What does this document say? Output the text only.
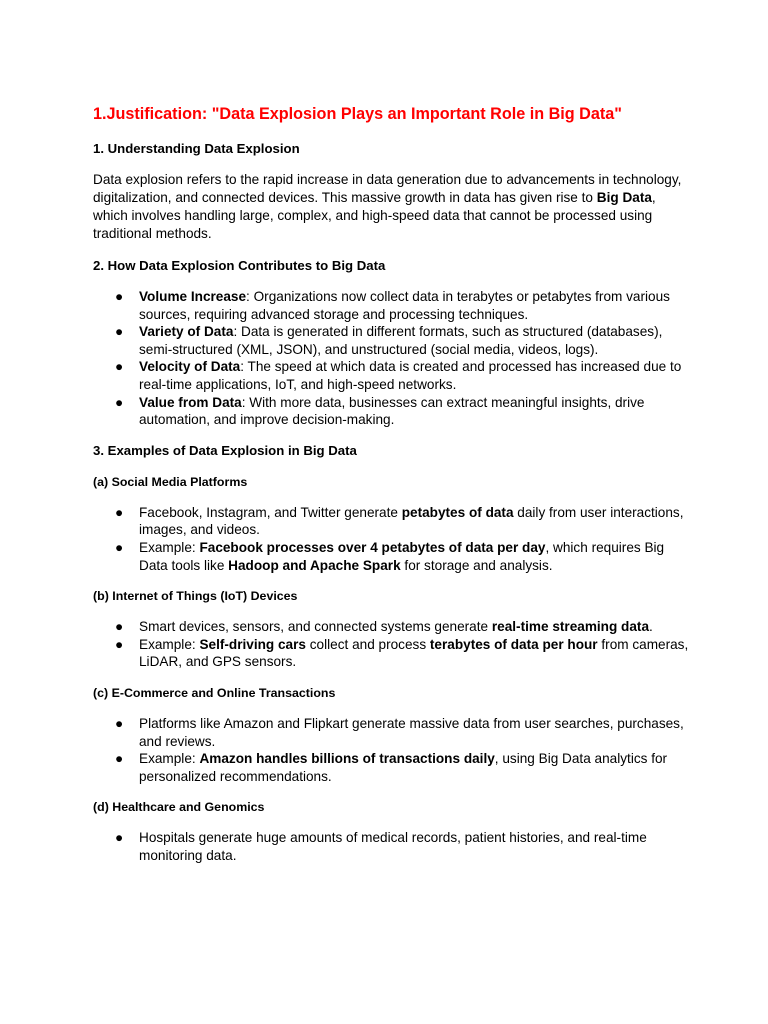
1.Justification: "Data Explosion Plays an Important Role in Big Data"
1. Understanding Data Explosion

Data explosion refers to the rapid increase in data generation due to advancements in technology, digitalization, and connected devices. This massive growth in data has given rise to Big Data, which involves handling large, complex, and high-speed data that cannot be processed using traditional methods.

2. How Data Explosion Contributes to Big Data
● Volume Increase: Organizations now collect data in terabytes or petabytes from various sources, requiring advanced storage and processing techniques.
● Variety of Data: Data is generated in different formats, such as structured (databases), semi-structured (XML, JSON), and unstructured (social media, videos, logs).
● Velocity of Data: The speed at which data is created and processed has increased due to real-time applications, IoT, and high-speed networks.
● Value from Data: With more data, businesses can extract meaningful insights, drive automation, and improve decision-making.
3. Examples of Data Explosion in Big Data
(a) Social Media Platforms
● Facebook, Instagram, and Twitter generate petabytes of data daily from user interactions, images, and videos.
● Example: Facebook processes over 4 petabytes of data per day, which requires Big Data tools like Hadoop and Apache Spark for storage and analysis.
(b) Internet of Things (IoT) Devices
● Smart devices, sensors, and connected systems generate real-time streaming data.
● Example: Self-driving cars collect and process terabytes of data per hour from cameras, LiDAR, and GPS sensors.
(c) E-Commerce and Online Transactions
● Platforms like Amazon and Flipkart generate massive data from user searches, purchases, and reviews.
● Example: Amazon handles billions of transactions daily, using Big Data analytics for personalized recommendations.
(d) Healthcare and Genomics
● Hospitals generate huge amounts of medical records, patient histories, and real-time monitoring data.
